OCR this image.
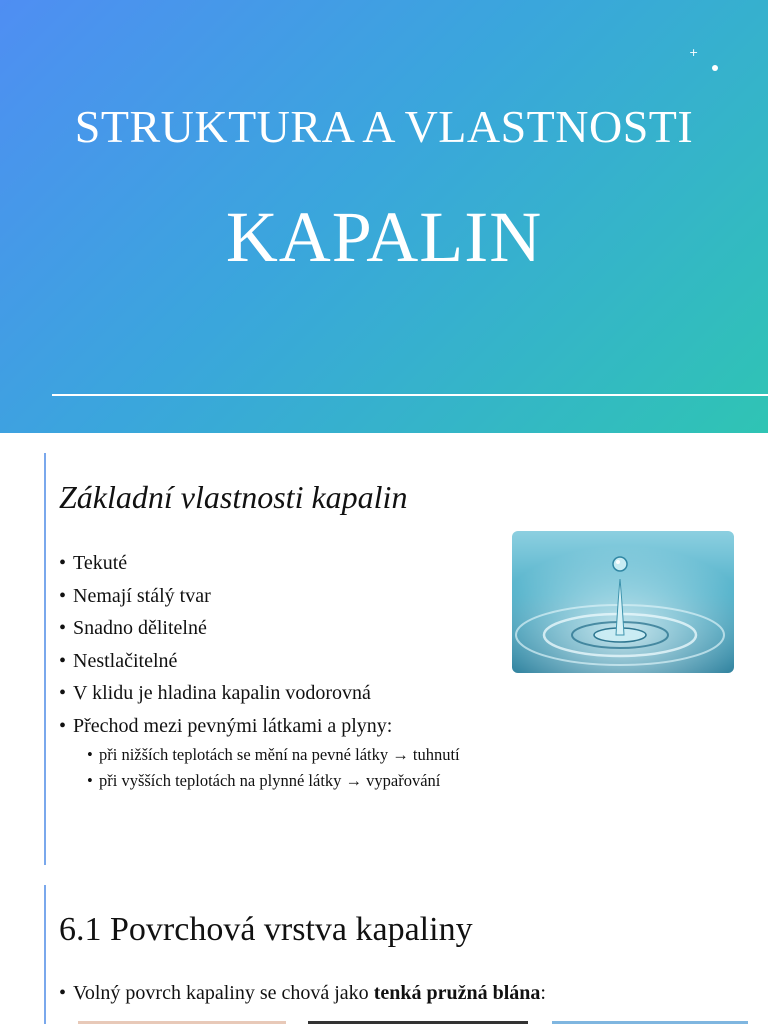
+
STRUKTURA A VLASTNOSTI
KAPALIN
Základní vlastnosti kapalin
• Tekuté
• Nemají stálý tvar
• Snadno dělitelné
• Nestlačitelné
• V klidu je hladina kapalin vodorovná
• Přechod mezi pevnými látkami a plyny:
• při nižších teplotách se mění na pevné látky → tuhnutí
• při vyšších teplotách na plynné látky → vypařování
6.1 Povrchová vrstva kapaliny
• Volný povrch kapaliny se chová jako tenká pružná blána:
